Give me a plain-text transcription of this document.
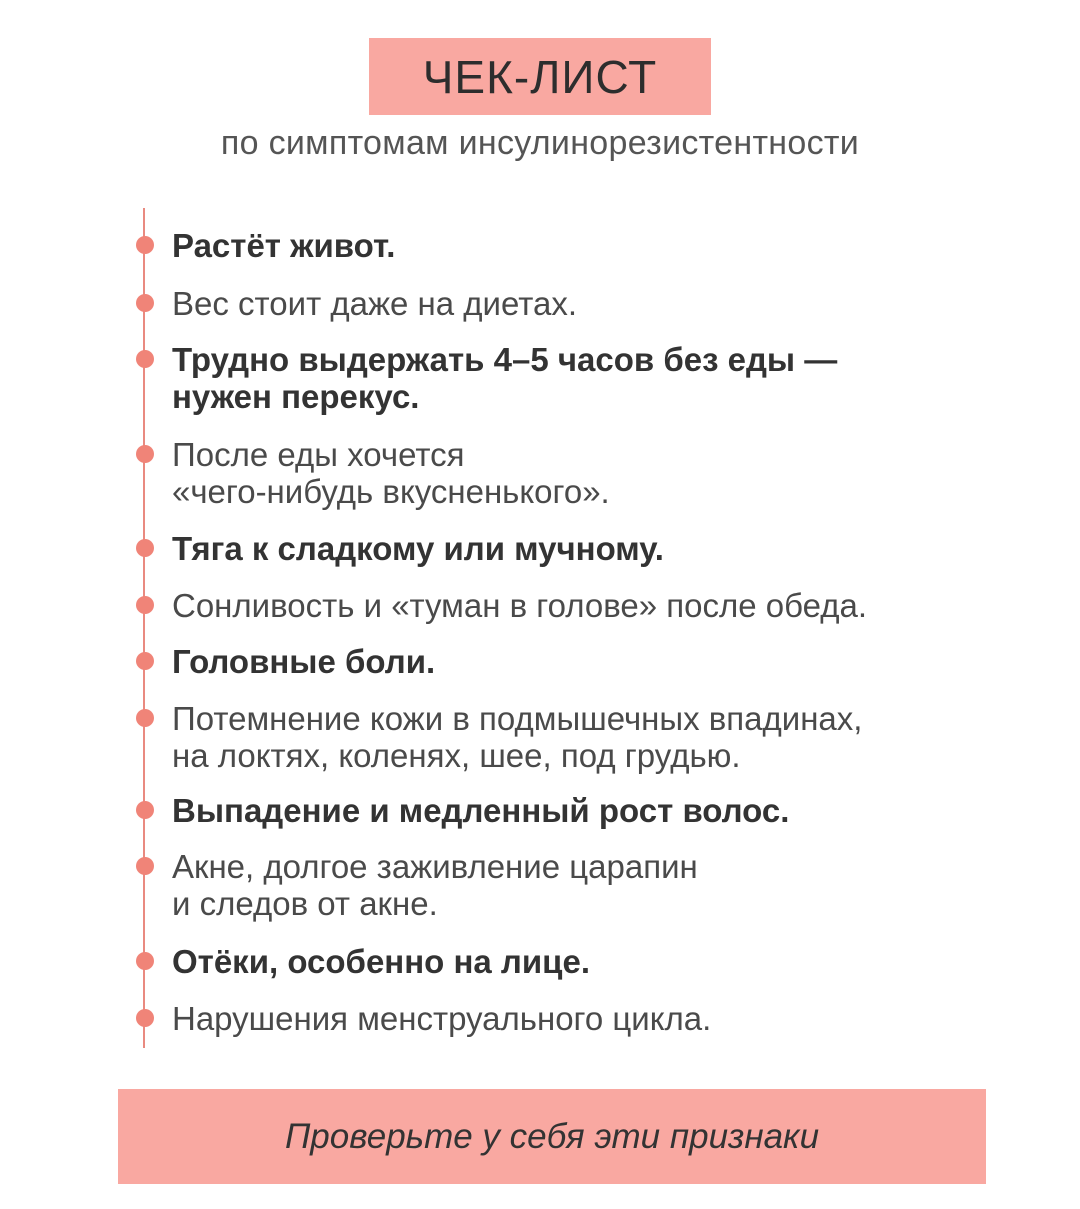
ЧЕК-ЛИСТ
по симптомам инсулинорезистентности
Растёт живот.
Вес стоит даже на диетах.
Трудно выдержать 4–5 часов без еды —
нужен перекус.
После еды хочется
«чего-нибудь вкусненького».
Тяга к сладкому или мучному.
Сонливость и «туман в голове» после обеда.
Головные боли.
Потемнение кожи в подмышечных впадинах,
на локтях, коленях, шее, под грудью.
Выпадение и медленный рост волос.
Акне, долгое заживление царапин
и следов от акне.
Отёки, особенно на лице.
Нарушения менструального цикла.
Проверьте у себя эти признаки
